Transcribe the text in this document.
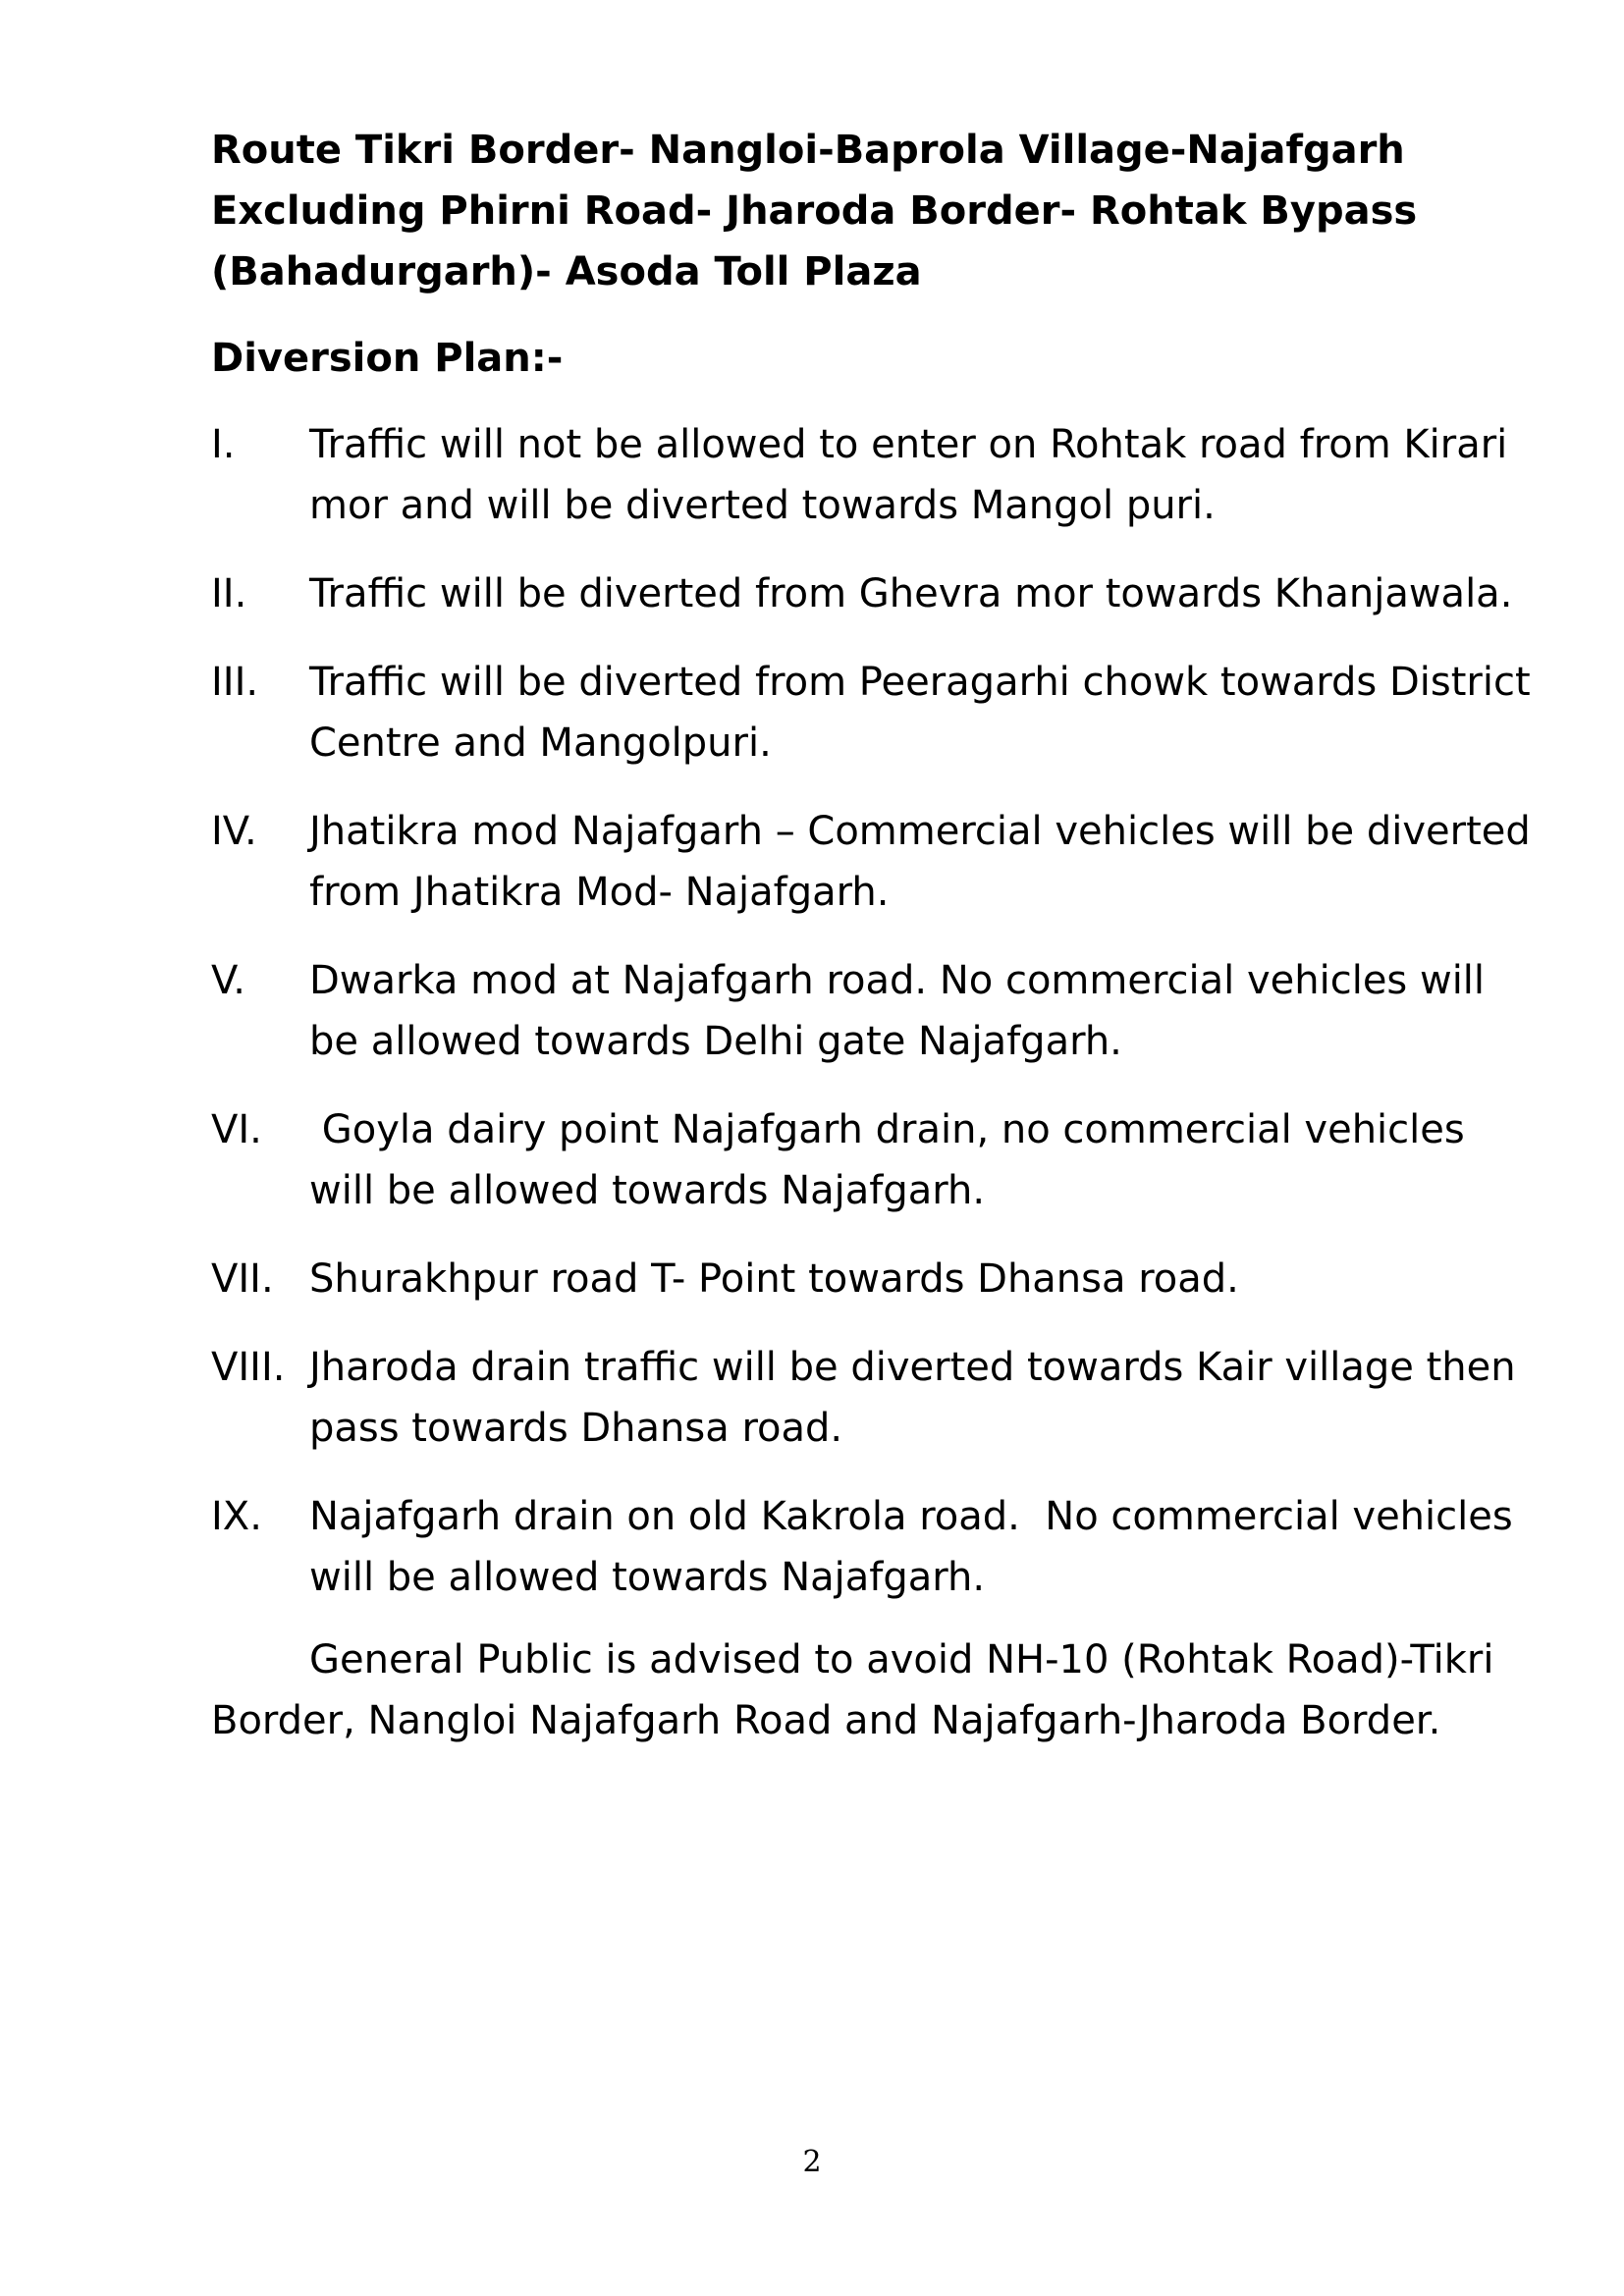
Route Tikri Border- Nangloi-Baprola Village-Najafgarh
Excluding Phirni Road- Jharoda Border- Rohtak Bypass
(Bahadurgarh)- Asoda Toll Plaza
Diversion Plan:-
I.	Traffic will not be allowed to enter on Rohtak road from Kirari mor and will be diverted towards Mangol puri.
II.	Traffic will be diverted from Ghevra mor towards Khanjawala.
III.	Traffic will be diverted from Peeragarhi chowk towards District Centre and Mangolpuri.
IV.	Jhatikra mod Najafgarh – Commercial vehicles will be diverted from Jhatikra Mod- Najafgarh.
V.	Dwarka mod at Najafgarh road. No commercial vehicles will be allowed towards Delhi gate Najafgarh.
VI.	Goyla dairy point Najafgarh drain, no commercial vehicles will be allowed towards Najafgarh.
VII. Shurakhpur road T- Point towards Dhansa road.
VIII. Jharoda drain traffic will be diverted towards Kair village then pass towards Dhansa road.
IX.	Najafgarh drain on old Kakrola road.  No commercial vehicles will be allowed towards Najafgarh.

General Public is advised to avoid NH-10 (Rohtak Road)-Tikri Border, Nangloi Najafgarh Road and Najafgarh-Jharoda Border.

2
